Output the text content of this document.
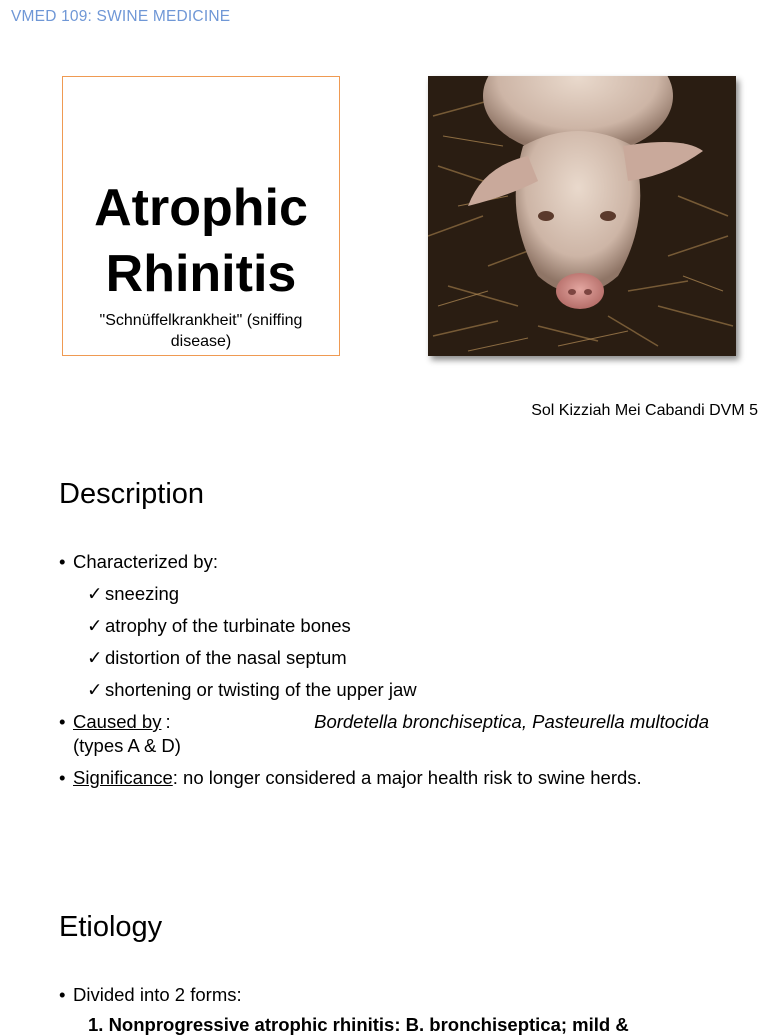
VMED 109: SWINE MEDICINE
Atrophic
Rhinitis
"Schnüffelkrankheit" (sniffing disease)
Sol Kizziah Mei Cabandi DVM 5
Description
• Characterized by:
✓ sneezing
✓ atrophy of the turbinate bones
✓ distortion of the nasal septum
✓ shortening or twisting of the upper jaw
• Caused by :	Bordetella bronchiseptica, Pasteurella multocida
(types A & D)
• Significance: no longer considered a major health risk to swine herds.
Etiology
• Divided into 2 forms:
1. Nonprogressive atrophic rhinitis: B. bronchiseptica; mild &
